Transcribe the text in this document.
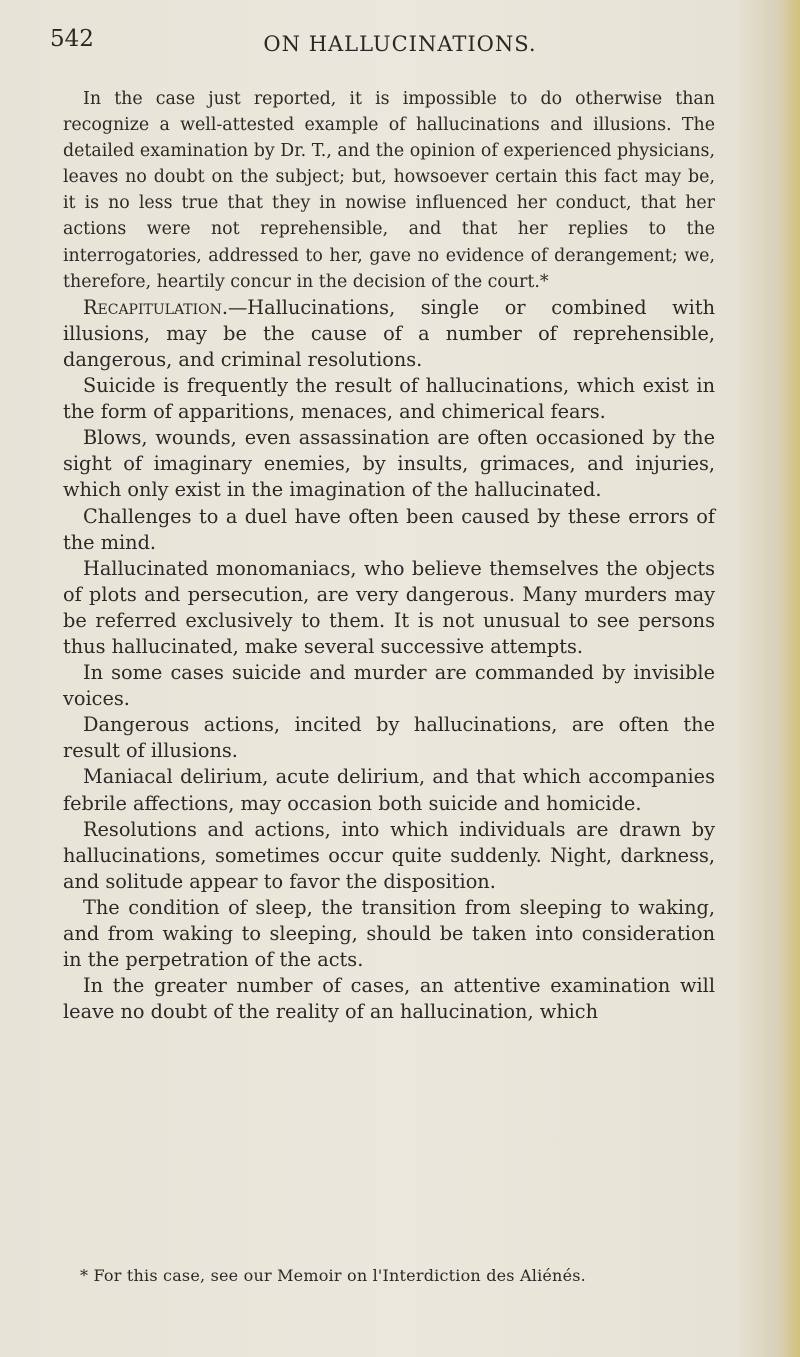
542	ON HALLUCINATIONS.

In the case just reported, it is impossible to do otherwise than recognize a well-attested example of hallucinations and illusions. The detailed examination by Dr. T., and the opinion of experienced physicians, leaves no doubt on the subject; but, howsoever certain this fact may be, it is no less true that they in nowise influenced her conduct, that her actions were not reprehensible, and that her replies to the interrogatories, addressed to her, gave no evidence of derangement; we, therefore, heartily concur in the decision of the court.*

Recapitulation.—Hallucinations, single or combined with illusions, may be the cause of a number of reprehensible, dangerous, and criminal resolutions.

Suicide is frequently the result of hallucinations, which exist in the form of apparitions, menaces, and chimerical fears.

Blows, wounds, even assassination are often occasioned by the sight of imaginary enemies, by insults, grimaces, and injuries, which only exist in the imagination of the hallucinated.

Challenges to a duel have often been caused by these errors of the mind.

Hallucinated monomaniacs, who believe themselves the objects of plots and persecution, are very dangerous. Many murders may be referred exclusively to them. It is not unusual to see persons thus hallucinated, make several successive attempts.

In some cases suicide and murder are commanded by invisible voices.

Dangerous actions, incited by hallucinations, are often the result of illusions.

Maniacal delirium, acute delirium, and that which accompanies febrile affections, may occasion both suicide and homicide.

Resolutions and actions, into which individuals are drawn by hallucinations, sometimes occur quite suddenly. Night, darkness, and solitude appear to favor the disposition.

The condition of sleep, the transition from sleeping to waking, and from waking to sleeping, should be taken into consideration in the perpetration of the acts.

In the greater number of cases, an attentive examination will leave no doubt of the reality of an hallucination, which

* For this case, see our Memoir on l'Interdiction des Aliénés.
